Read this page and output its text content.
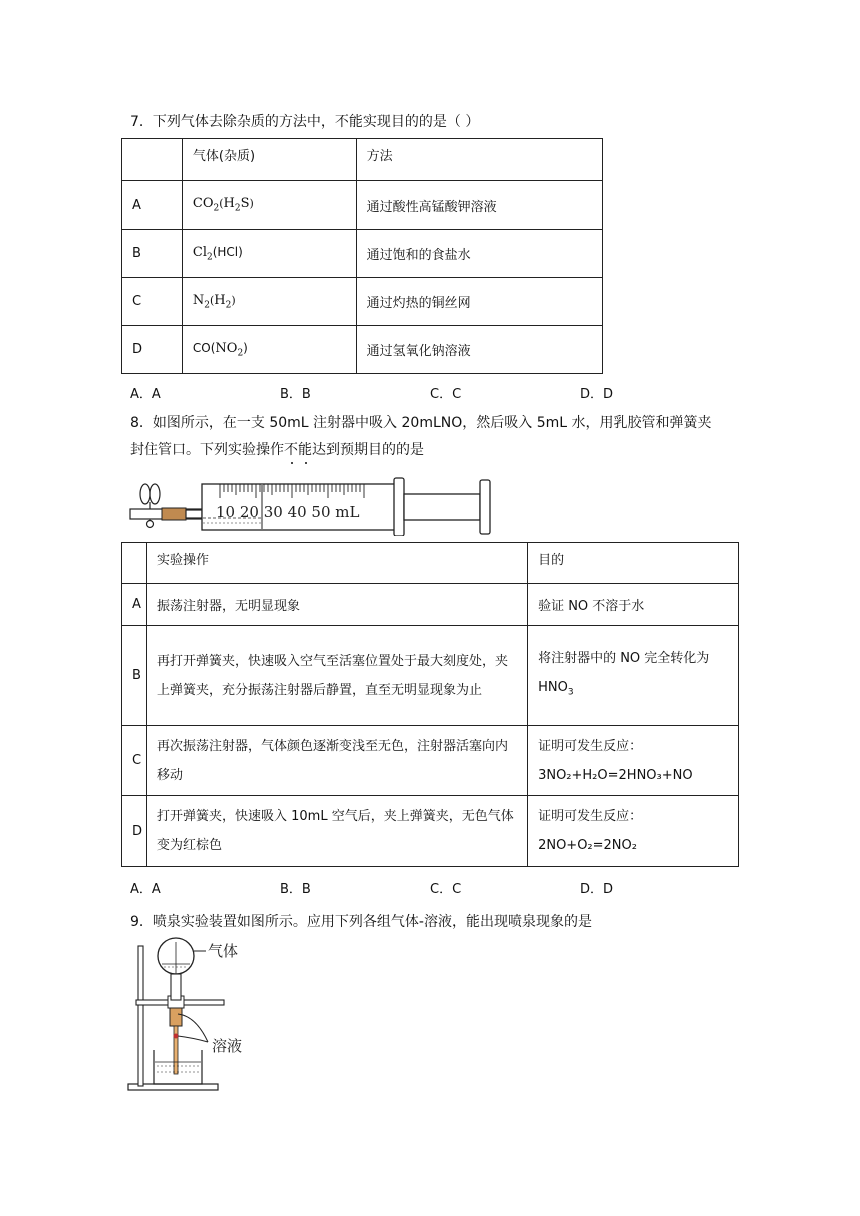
7．下列气体去除杂质的方法中，不能实现目的的是（ ）
	气体(杂质)	方法
A	$CO_2(H_2S)$	通过酸性高锰酸钾溶液
B	$Cl_2(HCl)$	通过饱和的食盐水
C	$N_2(H_2)$	通过灼热的铜丝网
D	$CO(NO_2)$	通过氢氧化钠溶液
A．A	B．B	C．C	D．D
8．如图所示，在一支 50mL 注射器中吸入 20mLNO，然后吸入 5mL 水，用乳胶管和弹簧夹
封住管口。下列实验操作不
能
达到预期目的的是
10 20 30 40 50 mL
	实验操作	目的
A	振荡注射器，无明显现象	验证 NO 不溶于水
B	再打开弹簧夹，快速吸入空气至活塞位置处于最大刻度处，夹上弹簧夹，充分振荡注射器后静置，直至无明显现象为止	将注射器中的 NO 完全转化为 $HNO_3$
C	再次振荡注射器，气体颜色逐渐变浅至无色，注射器活塞向内移动	证明可发生反应：
3NO₂+H₂O=2HNO₃+NO

D	打开弹簧夹，快速吸入 10mL 空气后，夹上弹簧夹，无色气体变为红棕色	证明可发生反应：
2NO+O₂=2NO₂
A．A	B．B	C．C	D．D
9．喷泉实验装置如图所示。应用下列各组气体-溶液，能出现喷泉现象的是
气体
溶液
